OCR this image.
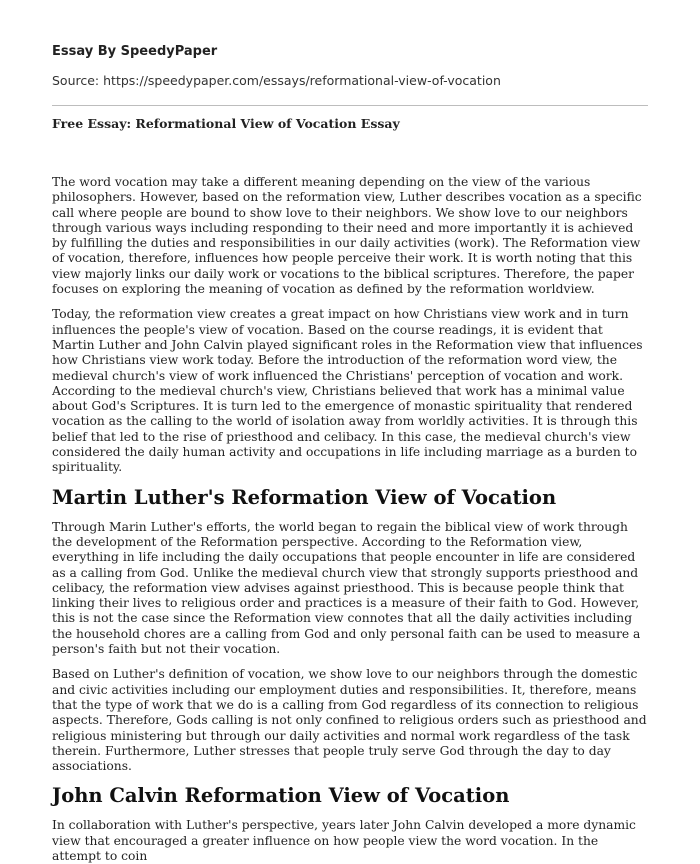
Essay By SpeedyPaper
Source: https://speedypaper.com/essays/reformational-view-of-vocation
Free Essay: Reformational View of Vocation Essay

The word vocation may take a different meaning depending on the view of the various philosophers. However, based on the reformation view, Luther describes vocation as a specific call where people are bound to show love to their neighbors. We show love to our neighbors through various ways including responding to their need and more importantly it is achieved by fulfilling the duties and responsibilities in our daily activities (work). The Reformation view of vocation, therefore, influences how people perceive their work. It is worth noting that this view majorly links our daily work or vocations to the biblical scriptures. Therefore, the paper focuses on exploring the meaning of vocation as defined by the reformation worldview.

Today, the reformation view creates a great impact on how Christians view work and in turn influences the people's view of vocation. Based on the course readings, it is evident that Martin Luther and John Calvin played significant roles in the Reformation view that influences how Christians view work today. Before the introduction of the reformation word view, the medieval church's view of work influenced the Christians' perception of vocation and work. According to the medieval church's view, Christians believed that work has a minimal value about God's Scriptures. It is turn led to the emergence of monastic spirituality that rendered vocation as the calling to the world of isolation away from worldly activities. It is through this belief that led to the rise of priesthood and celibacy. In this case, the medieval church's view considered the daily human activity and occupations in life including marriage as a burden to spirituality.

Martin Luther's Reformation View of Vocation

Through Marin Luther's efforts, the world began to regain the biblical view of work through the development of the Reformation perspective. According to the Reformation view, everything in life including the daily occupations that people encounter in life are considered as a calling from God. Unlike the medieval church view that strongly supports priesthood and celibacy, the reformation view advises against priesthood. This is because people think that linking their lives to religious order and practices is a measure of their faith to God. However, this is not the case since the Reformation view connotes that all the daily activities including the household chores are a calling from God and only personal faith can be used to measure a person's faith but not their vocation.

Based on Luther's definition of vocation, we show love to our neighbors through the domestic and civic activities including our employment duties and responsibilities. It, therefore, means that the type of work that we do is a calling from God regardless of its connection to religious aspects. Therefore, Gods calling is not only confined to religious orders such as priesthood and religious ministering but through our daily activities and normal work regardless of the task therein. Furthermore, Luther stresses that people truly serve God through the day to day associations.

John Calvin Reformation View of Vocation

In collaboration with Luther's perspective, years later John Calvin developed a more dynamic view that encouraged a greater influence on how people view the word vocation. In the attempt to coin
